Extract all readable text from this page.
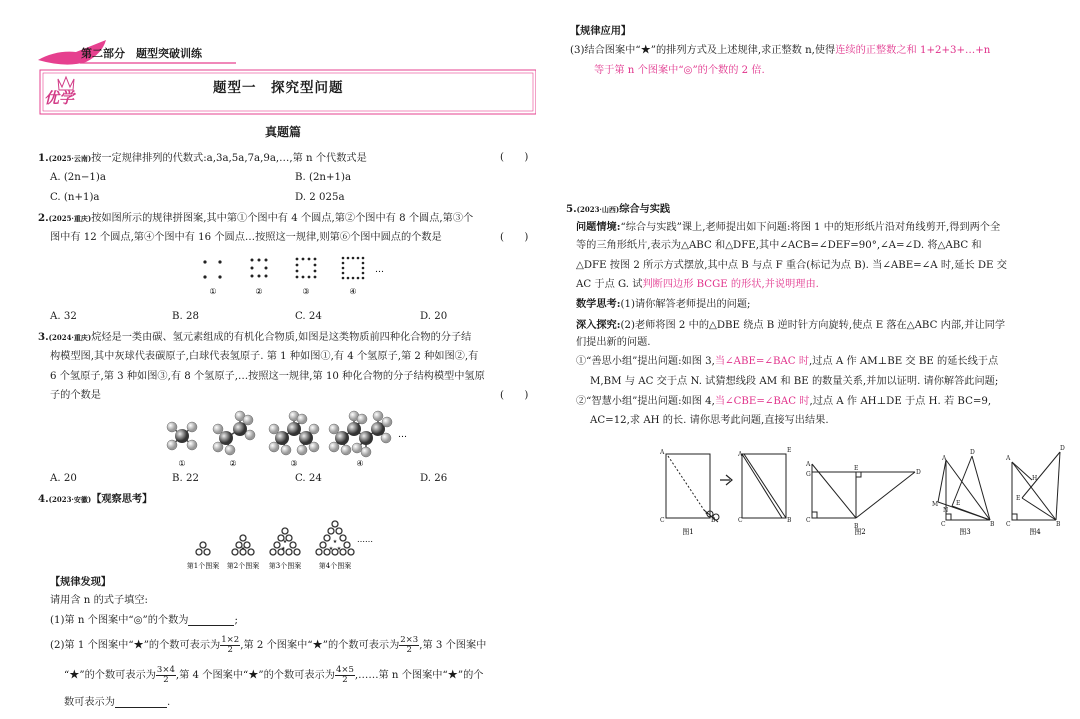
第二部分　题型突破训练
优学
题型一　探究型问题
真题篇
1.(2025·云南)按一定规律排列的代数式:a,3a,5a,7a,9a,…,第 n 个代数式是	(　　)
A. (2n−1)a	B. (2n+1)a
C. (n+1)a	D. 2 025a
2.(2025·重庆)按如图所示的规律拼图案,其中第①个图中有 4 个圆点,第②个图中有 8 个圆点,第③个
图中有 12 个圆点,第④个图中有 16 个圆点…按照这一规律,则第⑥个图中圆点的个数是	(　　)
①	②	③	④
…
A. 32	B. 28	C. 24	D. 20
3.(2024·重庆)烷烃是一类由碳、氢元素组成的有机化合物质,如图是这类物质前四种化合物的分子结
构模型图,其中灰球代表碳原子,白球代表氢原子. 第 1 种如图①,有 4 个氢原子,第 2 种如图②,有
6 个氢原子,第 3 种如图③,有 8 个氢原子,…按照这一规律,第 10 种化合物的分子结构模型中氢原
子的个数是	(　　)
①	②	③	④
…
A. 20	B. 22	C. 24	D. 26
4.(2023·安徽)【观察思考】
★	★
★	★
★ ★
第1个图案 第2个图案 第3个图案	第4个图案
……
【规律发现】
请用含 n 的式子填空:
(1)第 n 个图案中“◎”的个数为	;
(2)第 1 个图案中“★”的个数可表示为 $\frac{1\times 2}{2}$ ,第 2 个图案中“★”的个数可表示为 $\frac{2\times 3}{2}$ ,第 3 个图案中
“★”的个数可表示为 $\frac{3\times 4}{2}$ ,第 4 个图案中“★”的个数可表示为 $\frac{4\times 5}{2}$ ,……第 n 个图案中“★”的个
数可表示为	.
【规律应用】
(3)结合图案中“★”的排列方式及上述规律,求正整数 n,使得连续的正整数之和 1+2+3+…+n
等于第 n 个图案中“◎”的个数的 2 倍.
5.(2023·山西)综合与实践
问题情境:“综合与实践”课上,老师提出如下问题:将图 1 中的矩形纸片沿对角线剪开,得到两个全
等的三角形纸片,表示为△ABC 和△DFE,其中∠ACB=∠DEF=90°,∠A=∠D. 将△ABC 和
△DFE 按图 2 所示方式摆放,其中点 B 与点 F 重合(标记为点 B). 当∠ABE=∠A 时,延长 DE 交
AC 于点 G. 试判断四边形 BCGE 的形状,并说明理由.
数学思考:(1)请你解答老师提出的问题;
深入探究:(2)老师将图 2 中的△DBE 绕点 B 逆时针方向旋转,使点 E 落在△ABC 内部,并让同学
们提出新的问题.
①“善思小组”提出问题:如图 3,当∠ABE=∠BAC 时,过点 A 作 AM⊥BE 交 BE 的延长线于点
M,BM 与 AC 交于点 N. 试猜想线段 AM 和 BE 的数量关系,并加以证明. 请你解答此问题;
②“智慧小组”提出问题:如图 4,当∠CBE=∠BAC 时,过点 A 作 AH⊥DE 于点 H. 若 BC=9,
AC=12,求 AH 的长. 请你思考此问题,直接写出结果.
A
C	B
A
C
E
B
A
G
C
E
B
D
A
M
N
E
C	B
D
A
H
E
C	B
D
图1	图2	图3	图4
